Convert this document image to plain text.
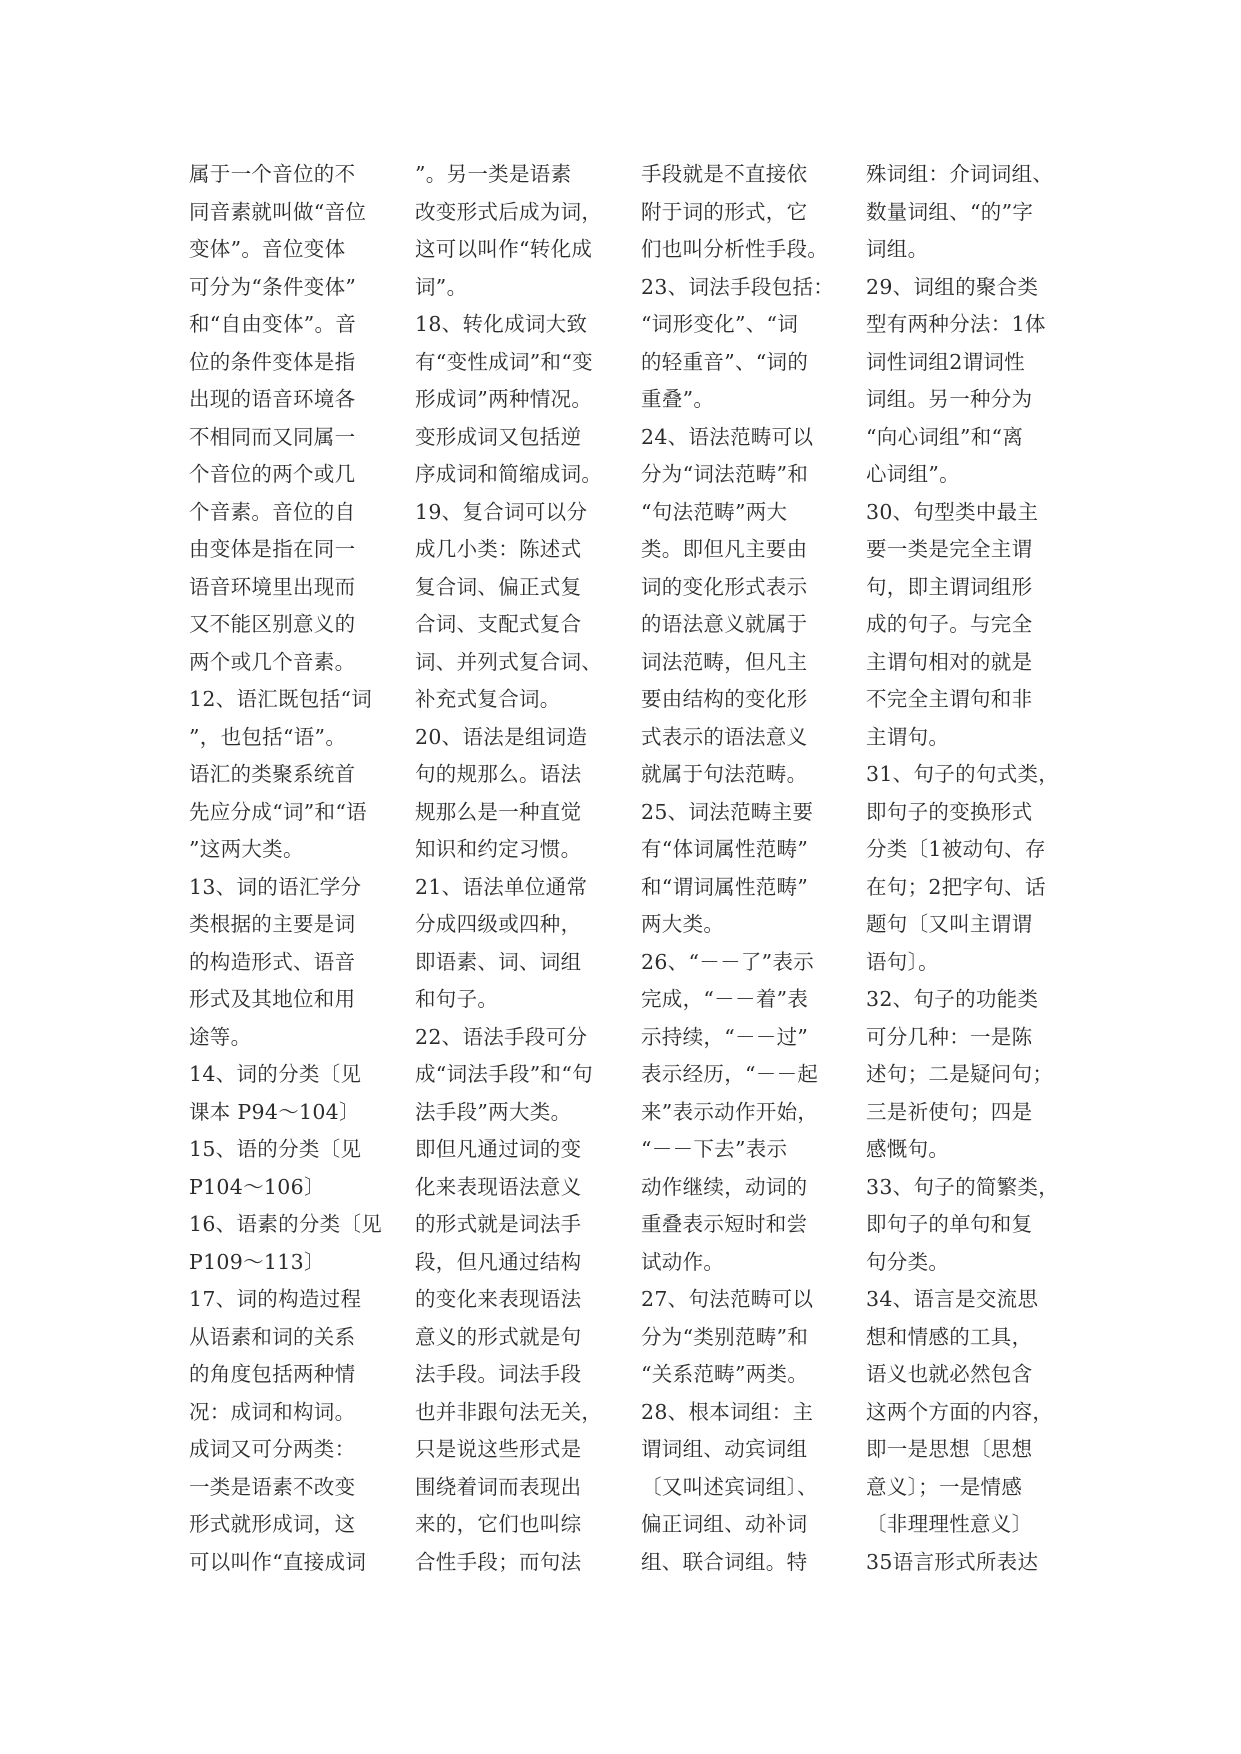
属于一个音位的不
同音素就叫做“音位
变体”。音位变体
可分为“条件变体”
和“自由变体”。音
位的条件变体是指
出现的语音环境各
不相同而又同属一
个音位的两个或几
个音素。音位的自
由变体是指在同一
语音环境里出现而
又不能区别意义的
两个或几个音素。
12、语汇既包括“词
”，也包括“语”。
语汇的类聚系统首
先应分成“词”和“语
”这两大类。
13、词的语汇学分
类根据的主要是词
的构造形式、语音
形式及其地位和用
途等。
14、词的分类〔见
课本 P94～104〕
15、语的分类〔见
P104～106〕
16、语素的分类〔见
P109～113〕
17、词的构造过程
从语素和词的关系
的角度包括两种情
况：成词和构词。
成词又可分两类：
一类是语素不改变
形式就形成词，这
可以叫作“直接成词
”。另一类是语素
改变形式后成为词，
这可以叫作“转化成
词”。
18、转化成词大致
有“变性成词”和“变
形成词”两种情况。
变形成词又包括逆
序成词和简缩成词。
19、复合词可以分
成几小类：陈述式
复合词、偏正式复
合词、支配式复合
词、并列式复合词、
补充式复合词。
20、语法是组词造
句的规那么。语法
规那么是一种直觉
知识和约定习惯。
21、语法单位通常
分成四级或四种，
即语素、词、词组
和句子。
22、语法手段可分
成“词法手段”和“句
法手段”两大类。
即但凡通过词的变
化来表现语法意义
的形式就是词法手
段，但凡通过结构
的变化来表现语法
意义的形式就是句
法手段。词法手段
也并非跟句法无关，
只是说这些形式是
围绕着词而表现出
来的，它们也叫综
合性手段；而句法
手段就是不直接依
附于词的形式，它
们也叫分析性手段。
23、词法手段包括：
“词形变化”、“词
的轻重音”、“词的
重叠”。
24、语法范畴可以
分为“词法范畴”和
“句法范畴”两大
类。即但凡主要由
词的变化形式表示
的语法意义就属于
词法范畴，但凡主
要由结构的变化形
式表示的语法意义
就属于句法范畴。
25、词法范畴主要
有“体词属性范畴”
和“谓词属性范畴”
两大类。
26、“－－了”表示
完成，“－－着”表
示持续，“－－过”
表示经历，“－－起
来”表示动作开始，
“－－下去”表示
动作继续，动词的
重叠表示短时和尝
试动作。
27、句法范畴可以
分为“类别范畴”和
“关系范畴”两类。
28、根本词组：主
谓词组、动宾词组
〔又叫述宾词组〕、
偏正词组、动补词
组、联合词组。特
殊词组：介词词组、
数量词组、“的”字
词组。
29、词组的聚合类
型有两种分法：1体
词性词组2谓词性
词组。另一种分为
“向心词组”和“离
心词组”。
30、句型类中最主
要一类是完全主谓
句，即主谓词组形
成的句子。与完全
主谓句相对的就是
不完全主谓句和非
主谓句。
31、句子的句式类，
即句子的变换形式
分类〔1被动句、存
在句；2把字句、话
题句〔又叫主谓谓
语句〕。
32、句子的功能类
可分几种：一是陈
述句；二是疑问句；
三是祈使句；四是
感慨句。
33、句子的简繁类，
即句子的单句和复
句分类。
34、语言是交流思
想和情感的工具，
语义也就必然包含
这两个方面的内容，
即一是思想〔思想
意义〕；一是情感
〔非理理性意义〕
35语言形式所表达
